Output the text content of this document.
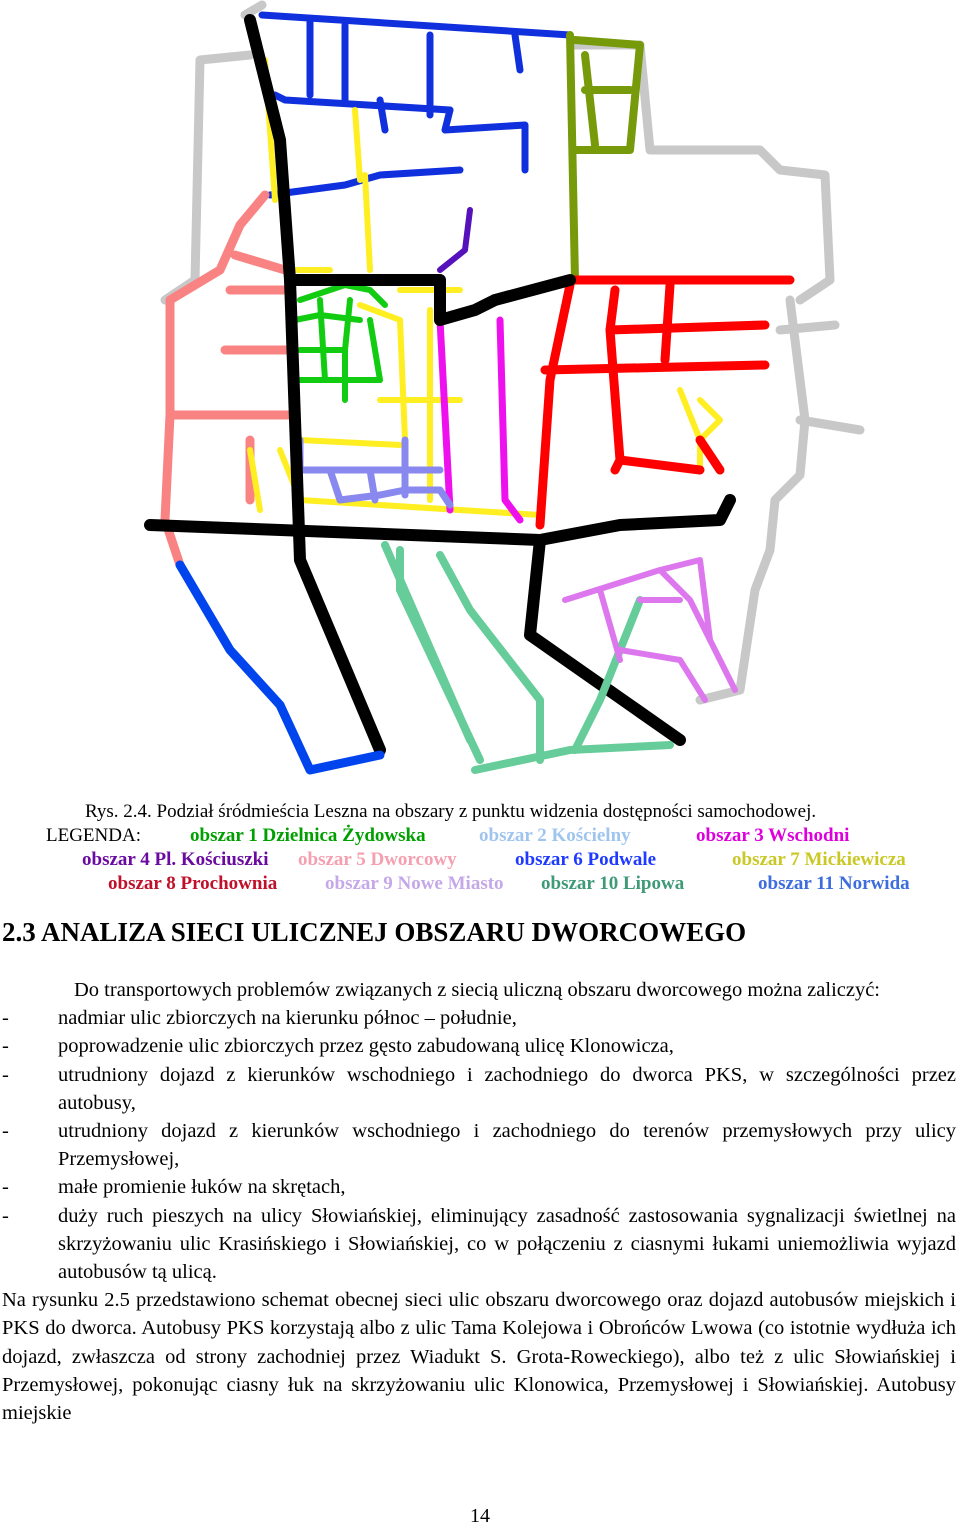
Rys. 2.4. Podział śródmieścia Leszna na obszary z punktu widzenia dostępności samochodowej.
LEGENDA:	obszar 1 Dzielnica Żydowska	obszar 2 Kościelny	obszar 3 Wschodni
obszar 4 Pl. Kościuszki obszar 5 Dworcowy	obszar 6 Podwale	obszar 7 Mickiewicza
obszar 8 Prochownia	obszar 9 Nowe Miasto obszar 10 Lipowa	obszar 11 Norwida
2.3 ANALIZA SIECI ULICZNEJ OBSZARU DWORCOWEGO

Do transportowych problemów związanych z siecią uliczną obszaru dworcowego można zaliczyć:

- nadmiar ulic zbiorczych na kierunku północ – południe,

- poprowadzenie ulic zbiorczych przez gęsto zabudowaną ulicę Klonowicza,

- utrudniony dojazd z kierunków wschodniego i zachodniego do dworca PKS, w szczególności przez autobusy,

- utrudniony dojazd z kierunków wschodniego i zachodniego do terenów przemysłowych przy ulicy Przemysłowej,

- małe promienie łuków na skrętach,

- duży ruch pieszych na ulicy Słowiańskiej, eliminujący zasadność zastosowania sygnalizacji świetlnej na skrzyżowaniu ulic Krasińskiego i Słowiańskiej, co w połączeniu z ciasnymi łukami uniemożliwia wyjazd autobusów tą ulicą.

Na rysunku 2.5 przedstawiono schemat obecnej sieci ulic obszaru dworcowego oraz dojazd autobusów miejskich i PKS do dworca. Autobusy PKS korzystają albo z ulic Tama Kolejowa i Obrońców Lwowa (co istotnie wydłuża ich dojazd, zwłaszcza od strony zachodniej przez Wiadukt S. Grota-Roweckiego), albo też z ulic Słowiańskiej i Przemysłowej, pokonując ciasny łuk na skrzyżowaniu ulic Klonowica, Przemysłowej i Słowiańskiej. Autobusy miejskie

14
